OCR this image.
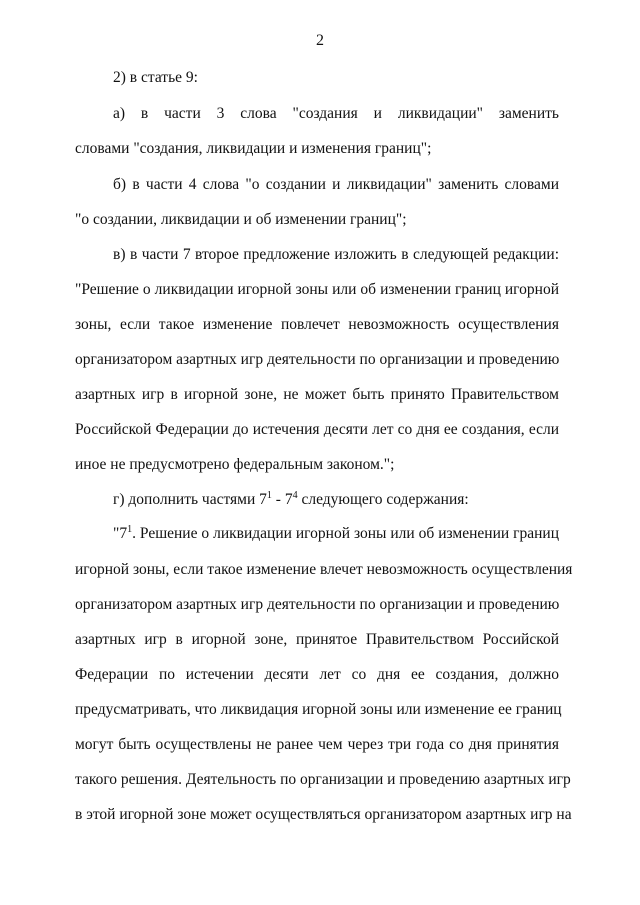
2
2) в статье 9:
а) в части 3 слова "создания и ликвидации" заменить
словами "создания, ликвидации и изменения границ";
б) в части 4 слова "о создании и ликвидации" заменить словами
"о создании, ликвидации и об изменении границ";
в) в части 7 второе предложение изложить в следующей редакции:
"Решение о ликвидации игорной зоны или об изменении границ игорной
зоны, если такое изменение повлечет невозможность осуществления
организатором азартных игр деятельности по организации и проведению
азартных игр в игорной зоне, не может быть принято Правительством
Российской Федерации до истечения десяти лет со дня ее создания, если
иное не предусмотрено федеральным законом.";
г) дополнить частями $7^1 - 7^4$ следующего содержания:
"$7^1$. Решение о ликвидации игорной зоны или об изменении границ
игорной зоны, если такое изменение влечет невозможность осуществления
организатором азартных игр деятельности по организации и проведению
азартных игр в игорной зоне, принятое Правительством Российской
Федерации по истечении десяти лет со дня ее создания, должно
предусматривать, что ликвидация игорной зоны или изменение ее границ
могут быть осуществлены не ранее чем через три года со дня принятия
такого решения. Деятельность по организации и проведению азартных игр
в этой игорной зоне может осуществляться организатором азартных игр на
